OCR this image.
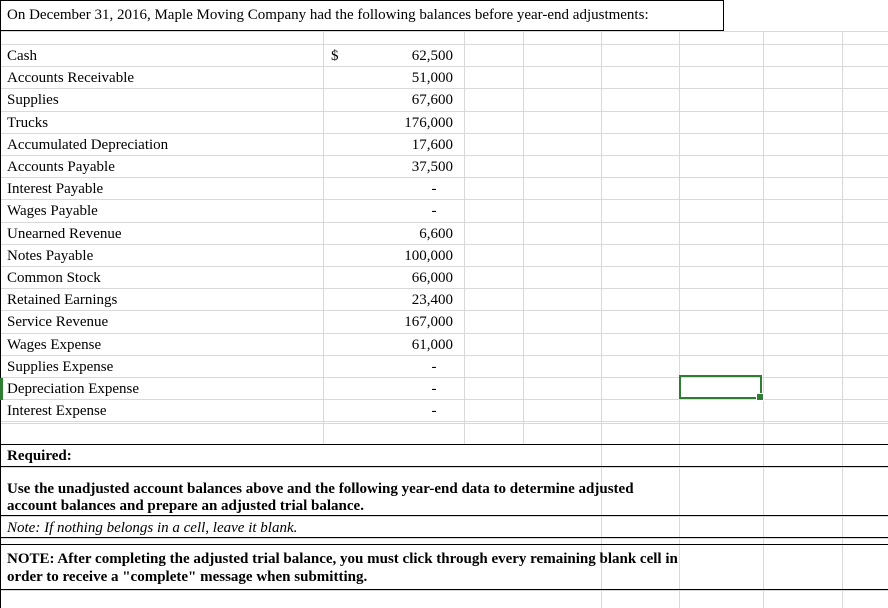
On December 31, 2016, Maple Moving Company had the following balances before year-end adjustments:
$
Cash	62,500
Accounts Receivable	51,000
Supplies	67,600
Trucks	176,000
Accumulated Depreciation	17,600
Accounts Payable	37,500
Interest Payable	-
Wages Payable	-
Unearned Revenue	6,600
Notes Payable	100,000
Common Stock	66,000
Retained Earnings	23,400
Service Revenue	167,000
Wages Expense	61,000
Supplies Expense	-
Depreciation Expense	-
Interest Expense	-
Required:
Use the unadjusted account balances above and the following year-end data to determine adjusted
account balances and prepare an adjusted trial balance.
Note: If nothing belongs in a cell, leave it blank.
NOTE: After completing the adjusted trial balance, you must click through every remaining blank cell in
order to receive a "complete" message when submitting.
